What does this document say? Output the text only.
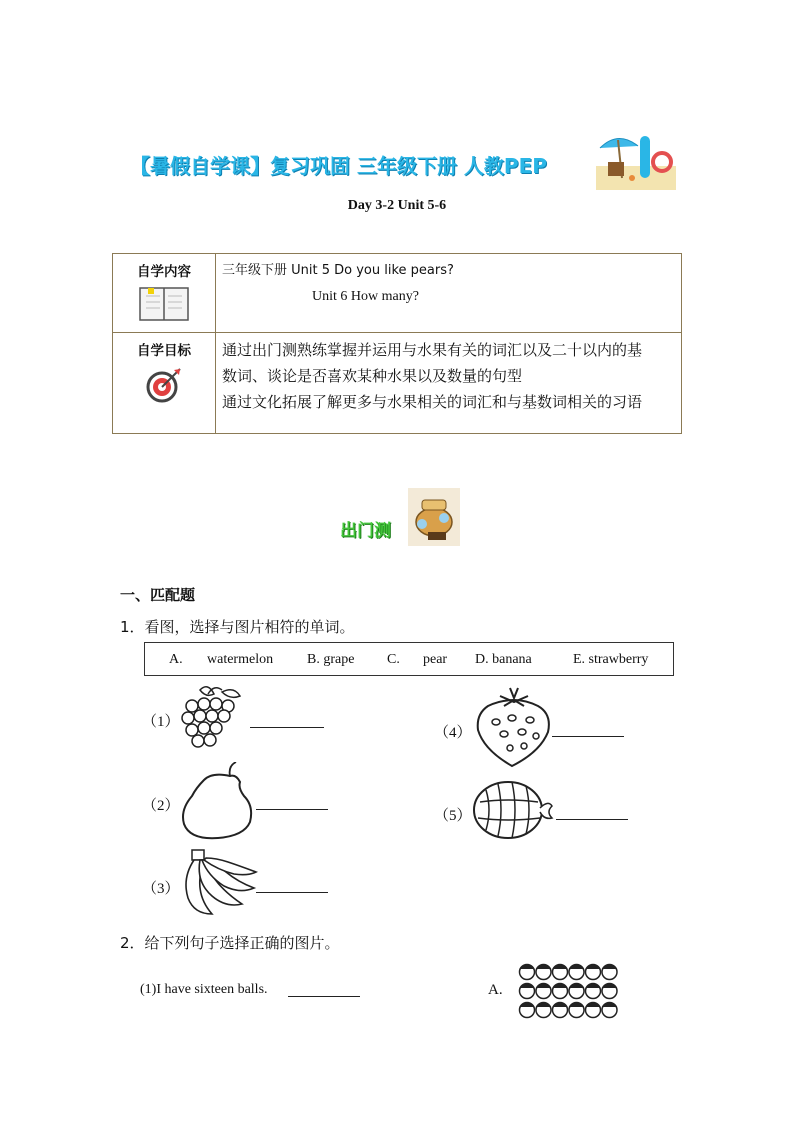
【暑假自学课】复习巩固 三年级下册 人教PEP
Day 3-2 Unit 5-6
自学内容	三年级下册 Unit 5 Do you like pears?
Unit 6 How many?

自学目标	通过出门测熟练掌握并运用与水果有关的词汇以及二十以内的基
数词、谈论是否喜欢某种水果以及数量的句型
通过文化拓展了解更多与水果相关的词汇和与基数词相关的习语
出门测
一、匹配题
1．看图，选择与图片相符的单词。
A. watermelon B. grape C. pear D. banana	E. strawberry
（1）
（2）
（3）
（4）
（5）
2．给下列句子选择正确的图片。
(1)I have sixteen balls.	A.
